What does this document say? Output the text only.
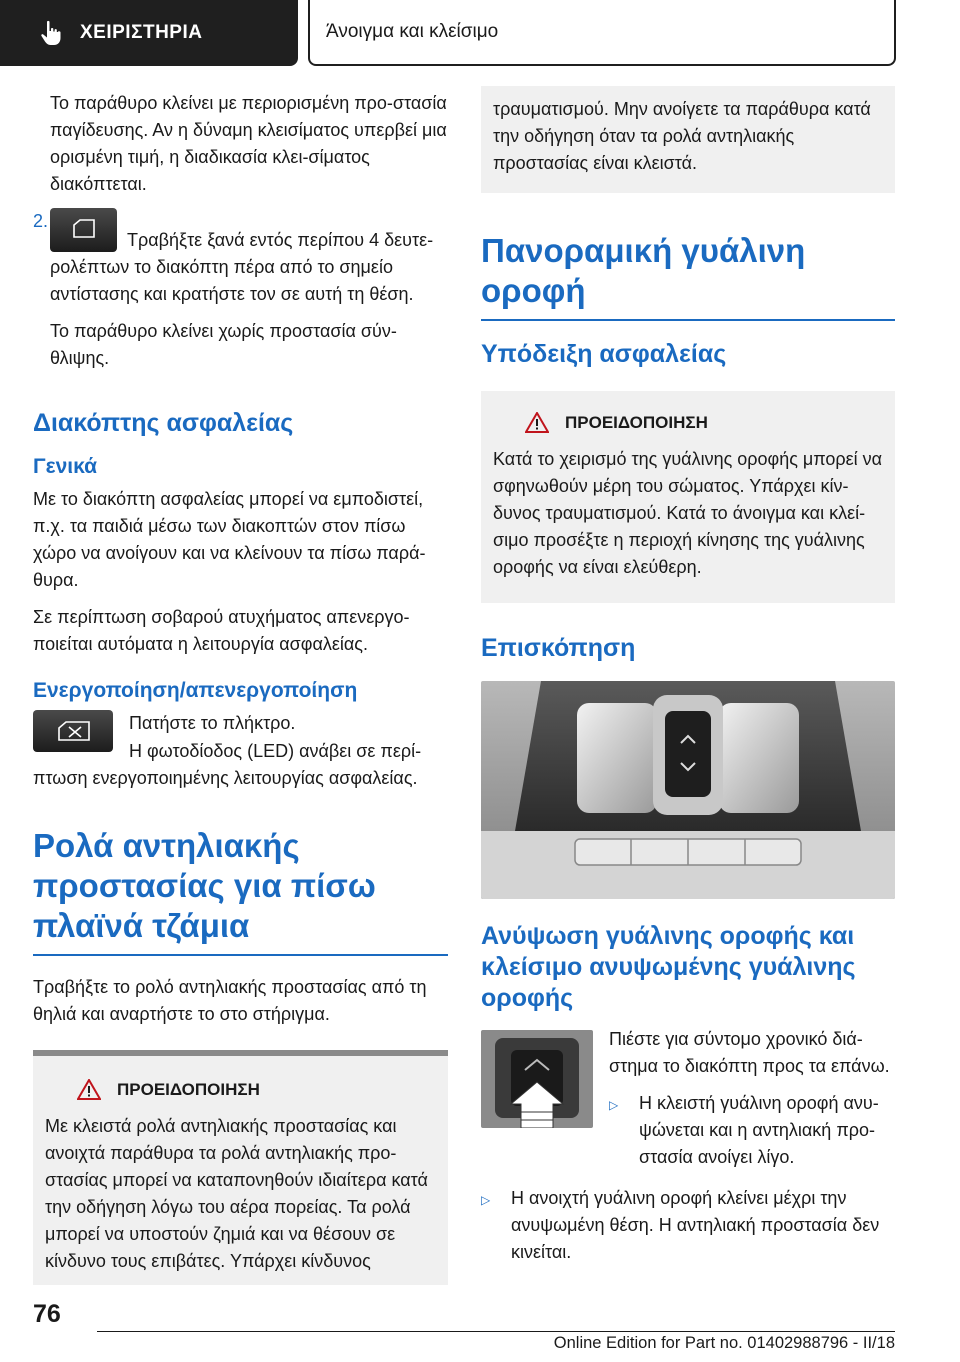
ΧΕΙΡΙΣΤΗΡΙΑ	Άνοιγμα και κλείσιμο

Το παράθυρο κλείνει με περιορισμένη προ-στασία παγίδευσης. Αν η δύναμη κλεισίματος υπερβεί μια ορισμένη τιμή, η διαδικασία κλει-σίματος διακόπτεται.

2.

Τραβήξτε ξανά εντός περίπου 4 δευτε-ρολέπτων το διακόπτη πέρα από το σημείο αντίστασης και κρατήστε τον σε αυτή τη θέση.

Το παράθυρο κλείνει χωρίς προστασία σύν-θλιψης.

Διακόπτης ασφαλείας
Γενικά

Με το διακόπτη ασφαλείας μπορεί να εμποδιστεί, π.χ. τα παιδιά μέσω των διακοπτών στον πίσω χώρο να ανοίγουν και να κλείνουν τα πίσω παρά-θυρα.

Σε περίπτωση σοβαρού ατυχήματος απενεργο-ποιείται αυτόματα η λειτουργία ασφαλείας.

Ενεργοποίηση/απενεργοποίηση

Πατήστε το πλήκτρο.

Η φωτοδίοδος (LED) ανάβει σε περί-πτωση ενεργοποιημένης λειτουργίας ασφαλείας.

Ρολά αντηλιακής προστασίας για πίσω πλαϊνά τζάμια

Τραβήξτε το ρολό αντηλιακής προστασίας από τη θηλιά και αναρτήστε το στο στήριγμα.

ΠΡΟΕΙΔΟΠΟΙΗΣΗ

Με κλειστά ρολά αντηλιακής προστασίας και ανοιχτά παράθυρα τα ρολά αντηλιακής προ-στασίας μπορεί να καταπονηθούν ιδιαίτερα κατά την οδήγηση λόγω του αέρα πορείας. Τα ρολά μπορεί να υποστούν ζημιά και να θέσουν σε κίνδυνο τους επιβάτες. Υπάρχει κίνδυνος

τραυματισμού. Μην ανοίγετε τα παράθυρα κατά την οδήγηση όταν τα ρολά αντηλιακής προστασίας είναι κλειστά.

Πανοραμική γυάλινη οροφή
Υπόδειξη ασφαλείας
ΠΡΟΕΙΔΟΠΟΙΗΣΗ

Κατά το χειρισμό της γυάλινης οροφής μπορεί να σφηνωθούν μέρη του σώματος. Υπάρχει κίν-δυνος τραυματισμού. Κατά το άνοιγμα και κλεί-σιμο προσέξτε η περιοχή κίνησης της γυάλινης οροφής να είναι ελεύθερη.

Επισκόπηση
Ανύψωση γυάλινης οροφής και κλείσιμο ανυψωμένης γυάλινης οροφής

Πιέστε για σύντομο χρονικό διά-στημα το διακόπτη προς τα επάνω.

▷	Η κλειστή γυάλινη οροφή ανυ-ψώνεται και η αντηλιακή προ-στασία ανοίγει λίγο.
▷	Η ανοιχτή γυάλινη οροφή κλείνει μέχρι την ανυψωμένη θέση. Η αντηλιακή προστασία δεν κινείται.
76
Online Edition for Part no. 01402988796 - II/18
